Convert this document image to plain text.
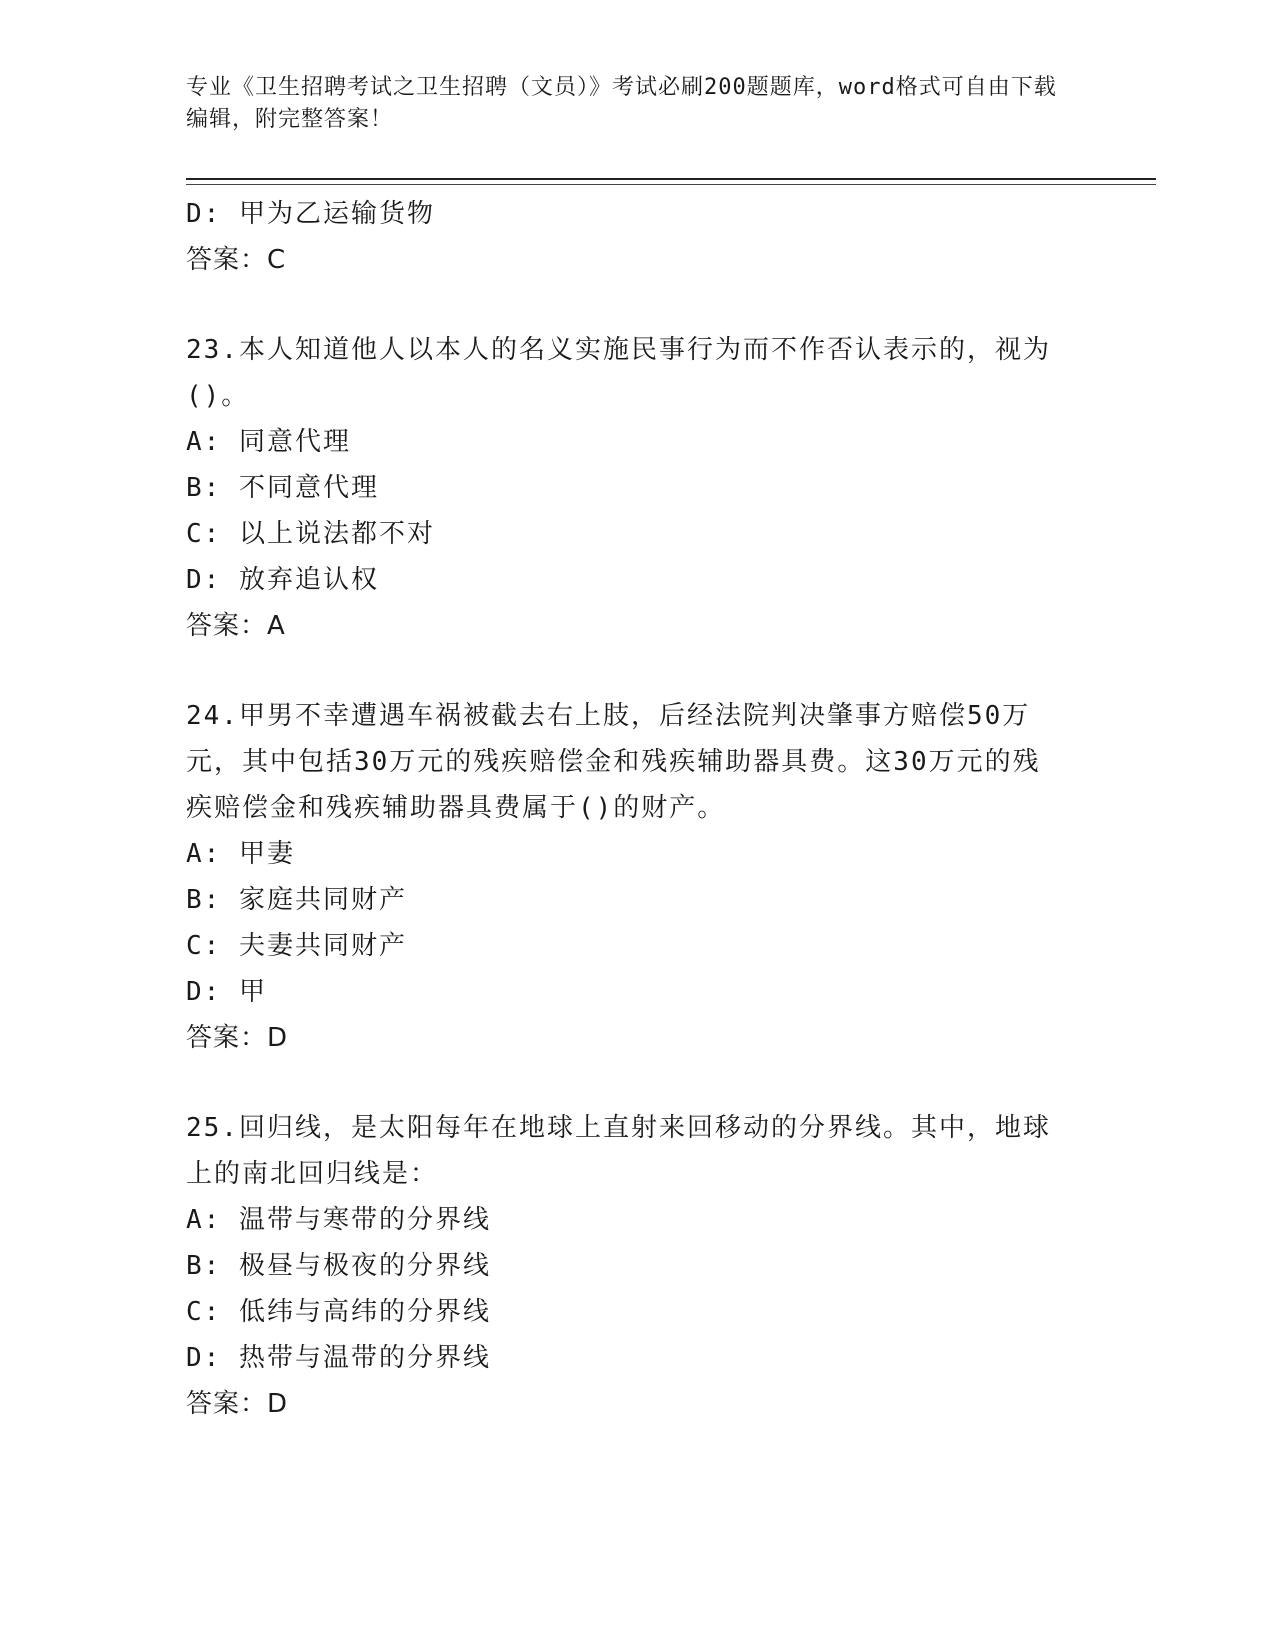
专业《卫生招聘考试之卫生招聘（文员）》考试必刷200题题库，word格式可自由下载编辑，附完整答案！
D: 甲为乙运输货物
答案：C
23.本人知道他人以本人的名义实施民事行为而不作否认表示的，视为()。
A: 同意代理
B: 不同意代理
C: 以上说法都不对
D: 放弃追认权
答案：A
24.甲男不幸遭遇车祸被截去右上肢，后经法院判决肇事方赔偿50万元，其中包括30万元的残疾赔偿金和残疾辅助器具费。这30万元的残疾赔偿金和残疾辅助器具费属于()的财产。
A: 甲妻
B: 家庭共同财产
C: 夫妻共同财产
D: 甲
答案：D
25.回归线，是太阳每年在地球上直射来回移动的分界线。其中，地球上的南北回归线是：
A: 温带与寒带的分界线
B: 极昼与极夜的分界线
C: 低纬与高纬的分界线
D: 热带与温带的分界线
答案：D
